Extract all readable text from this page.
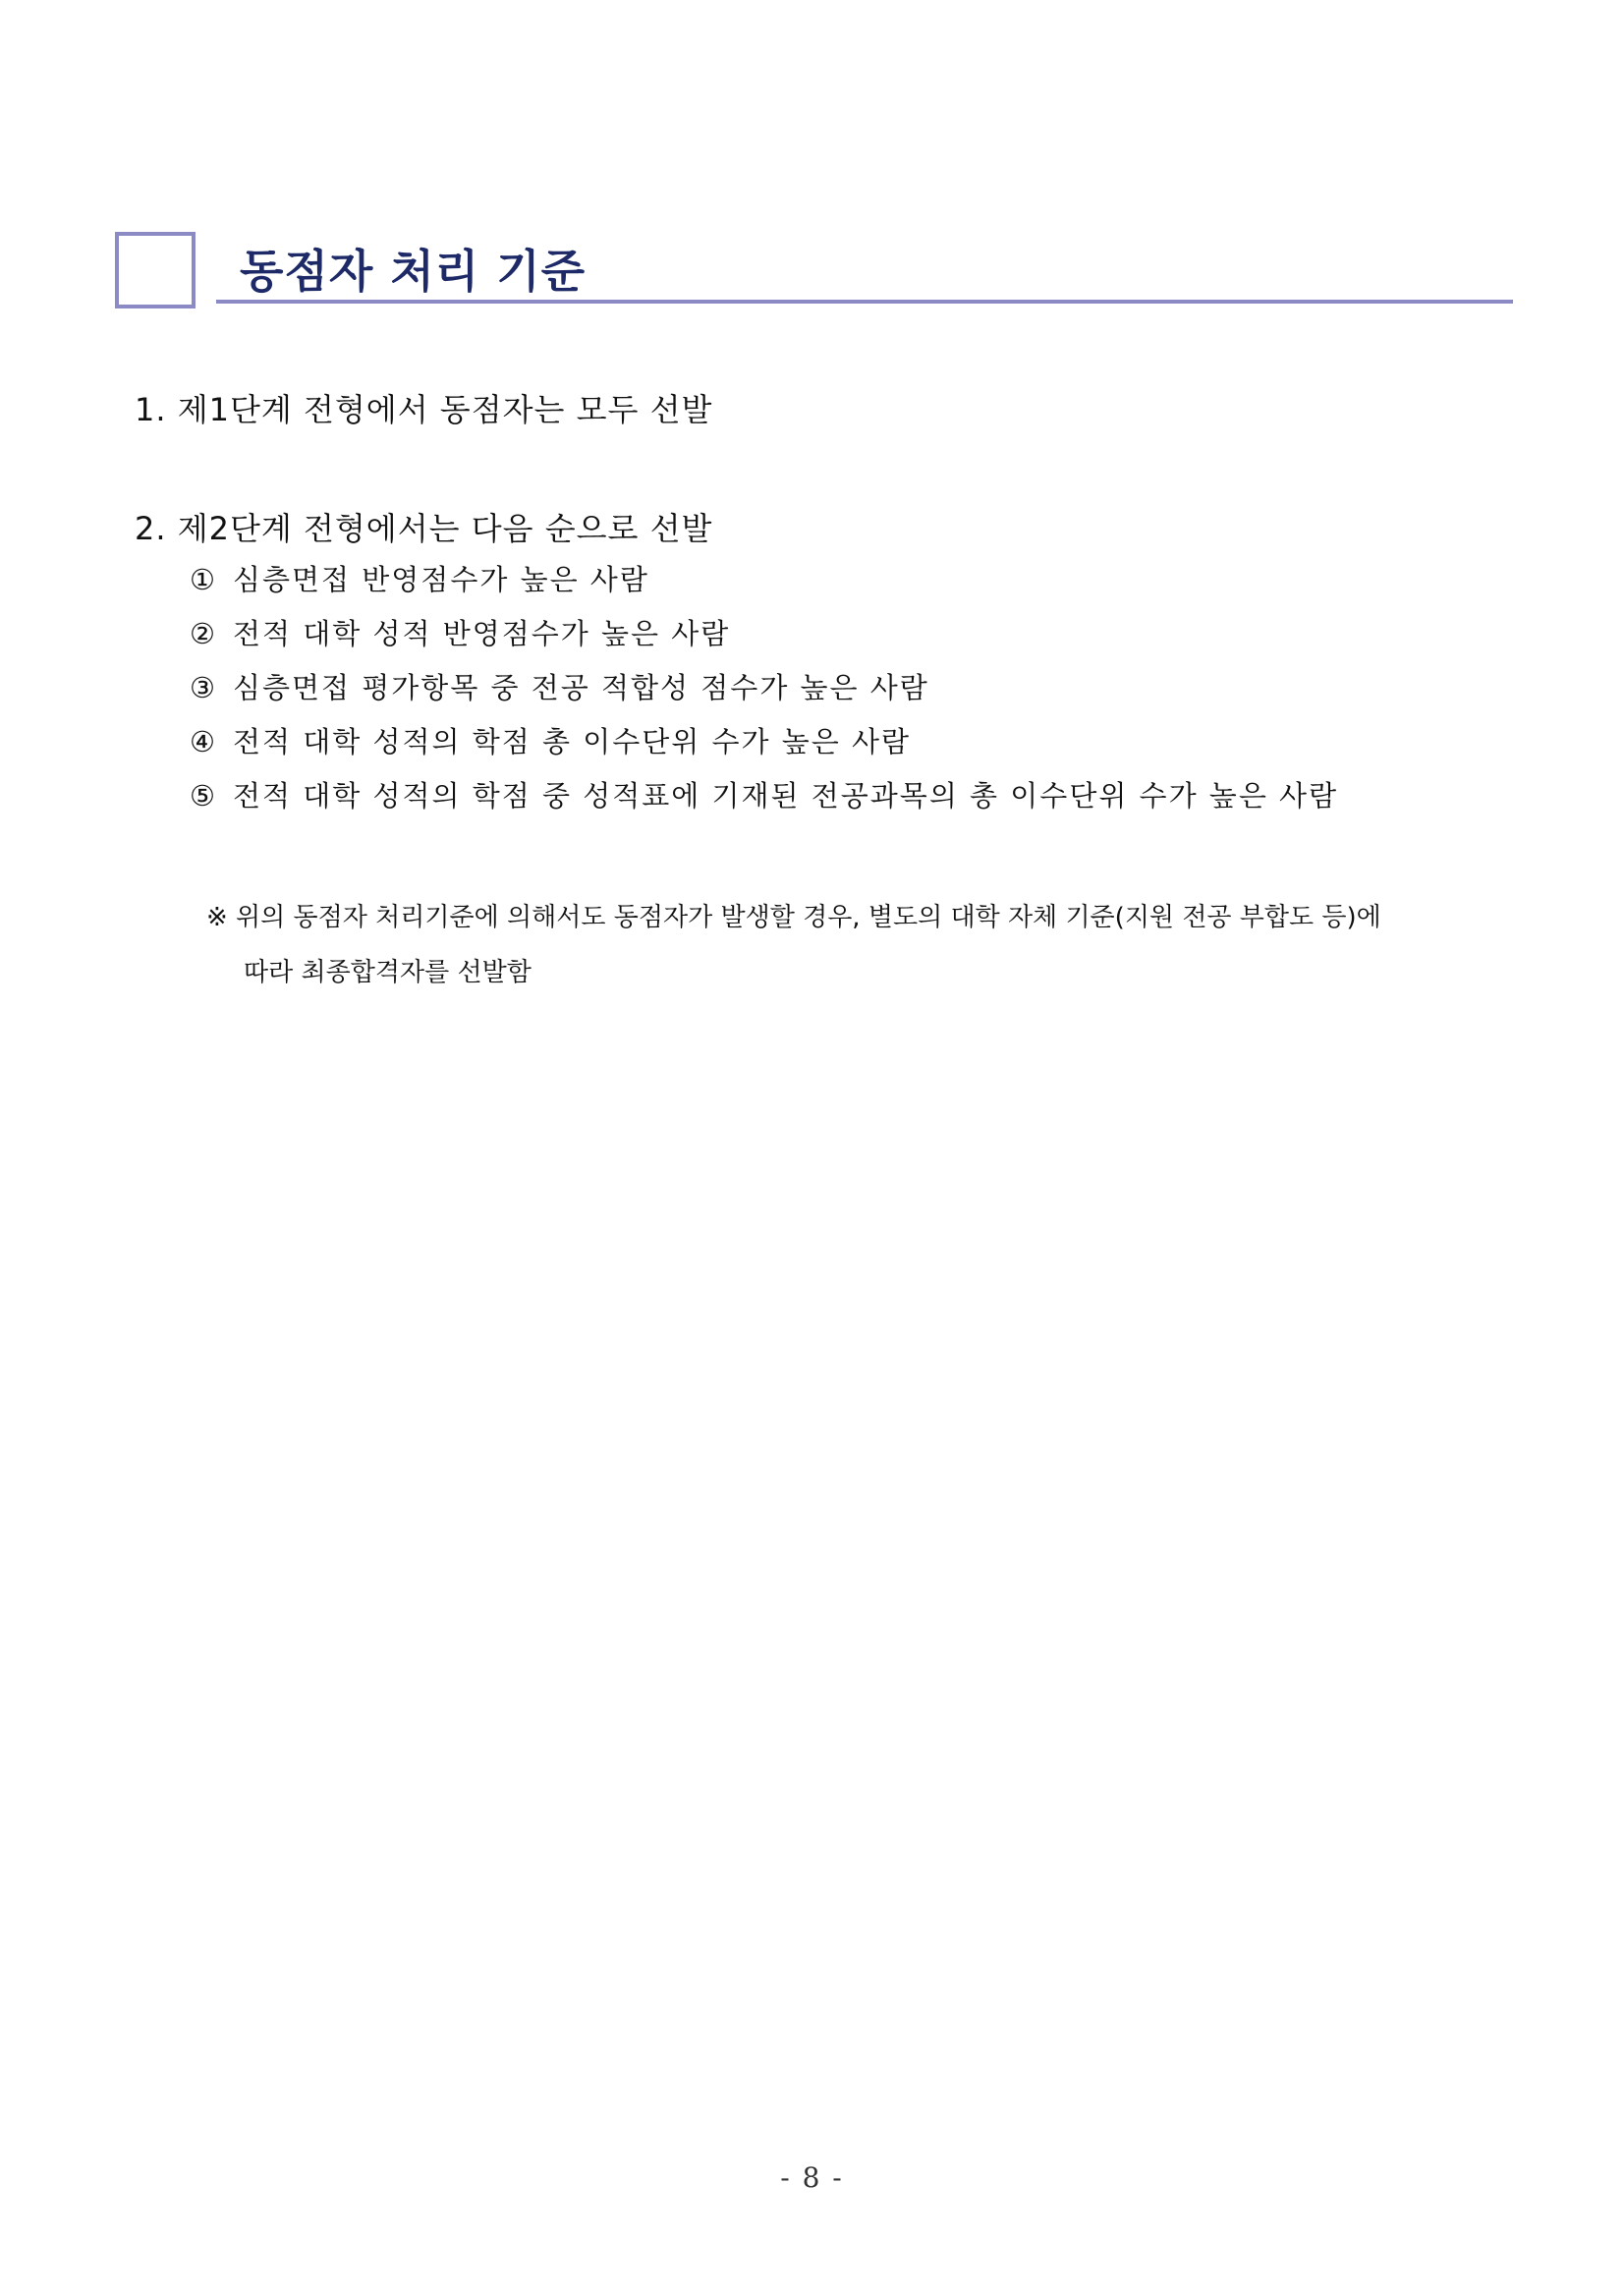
동점자 처리 기준
1. 제1단계 전형에서 동점자는 모두 선발
2. 제2단계 전형에서는 다음 순으로 선발
① 심층면접 반영점수가 높은 사람
② 전적 대학 성적 반영점수가 높은 사람
③ 심층면접 평가항목 중 전공 적합성 점수가 높은 사람
④ 전적 대학 성적의 학점 총 이수단위 수가 높은 사람
⑤ 전적 대학 성적의 학점 중 성적표에 기재된 전공과목의 총 이수단위 수가 높은 사람
※ 위의 동점자 처리기준에 의해서도 동점자가 발생할 경우, 별도의 대학 자체 기준(지원 전공 부합도 등)에
따라 최종합격자를 선발함
- 8 -
